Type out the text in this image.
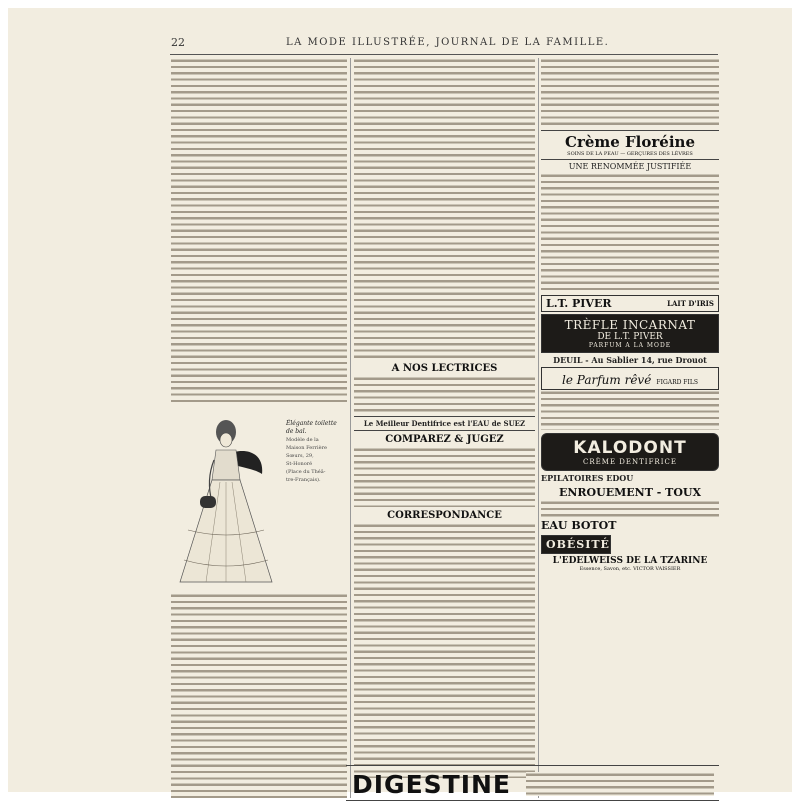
22	LA MODE ILLUSTRÉE, JOURNAL DE LA FAMILLE.
Élégante toilette de bal.
Modèle de la
Maison Ferrière
Sœurs, 29,
St-Honoré
(Place du Théâ-
tre-Français).
A NOS LECTRICES
Le Meilleur Dentifrice est l'EAU de SUEZ
COMPAREZ & JUGEZ
CORRESPONDANCE
Crème Floréine
SOINS DE LA PEAU — GERÇURES DES LÈVRES
UNE RENOMMÉE JUSTIFIÉE
L.T. PIVER	LAIT D'IRIS
TRÈFLE INCARNAT
DE L.T. PIVER
PARFUM A LA MODE
DEUIL - Au Sablier 14, rue Drouot
le Parfum rêvé FIGARD FILS
KALODONT
CRÈME DENTIFRICE
EPILATOIRES EDOU
ENROUEMENT - TOUX
EAU BOTOT
OBÉSITÉ
L'EDELWEISS DE LA TZARINE
Essence, Savon, etc. VICTOR VAISSIER
DIGESTINE
